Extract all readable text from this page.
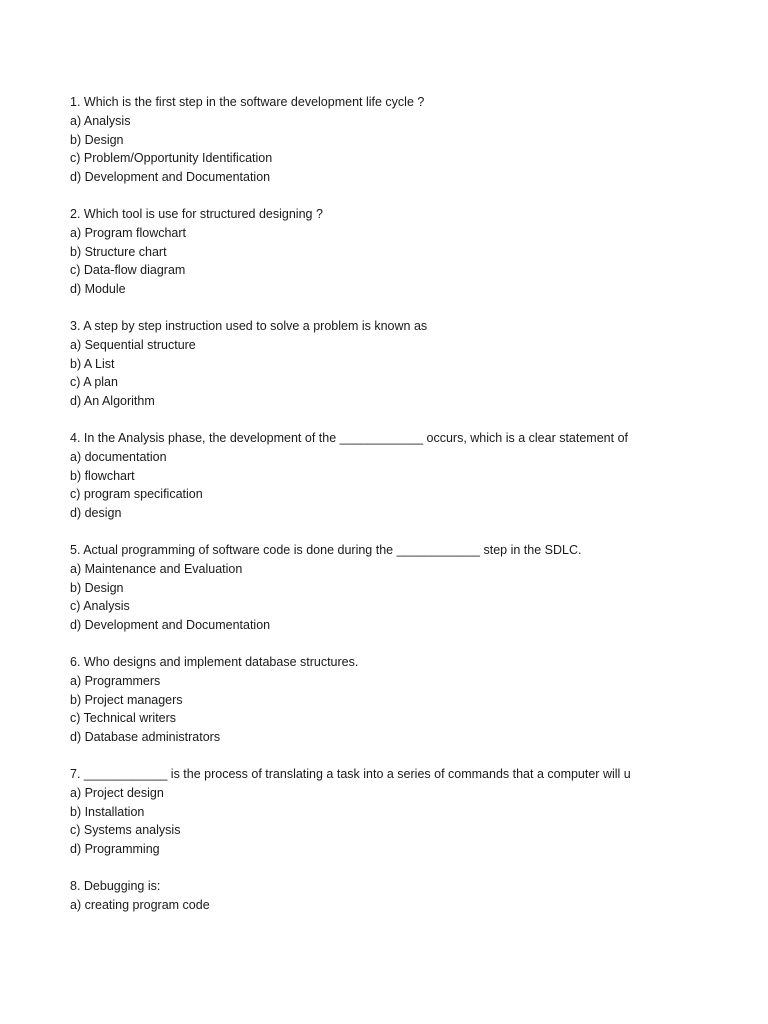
1. Which is the first step in the software development life cycle ?
a) Analysis
b) Design
c) Problem/Opportunity Identification
d) Development and Documentation
2. Which tool is use for structured designing ?
a) Program flowchart
b) Structure chart
c) Data-flow diagram
d) Module
3. A step by step instruction used to solve a problem is known as
a) Sequential structure
b) A List
c) A plan
d) An Algorithm
4. In the Analysis phase, the development of the ____________ occurs, which is a clear statement of
a) documentation
b) flowchart
c) program specification
d) design
5. Actual programming of software code is done during the ____________ step in the SDLC.
a) Maintenance and Evaluation
b) Design
c) Analysis
d) Development and Documentation
6. Who designs and implement database structures.
a) Programmers
b) Project managers
c) Technical writers
d) Database administrators
7. ____________ is the process of translating a task into a series of commands that a computer will u
a) Project design
b) Installation
c) Systems analysis
d) Programming
8. Debugging is:
a) creating program code
